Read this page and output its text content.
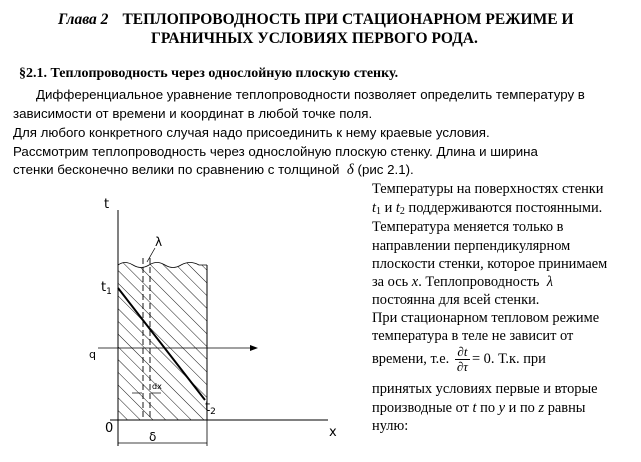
Глава 2 ТЕПЛОПРОВОДНОСТЬ ПРИ СТАЦИОНАРНОМ РЕЖИМЕ И
ГРАНИЧНЫХ УСЛОВИЯХ ПЕРВОГО РОДА.
§2.1. Теплопроводность через однослойную плоскую стенку.
Дифференциальное уравнение теплопроводности позволяет определить температуру в
зависимости от времени и координат в любой точке поля.
Для любого конкретного случая надо присоединить к нему краевые условия.
Рассмотрим теплопроводность через однослойную плоскую стенку. Длина и ширина
стенки бесконечно велики по сравнению с толщиной δ (рис 2.1).
Температуры на поверхностях стенки
$t_1$ и $t_2$ поддерживаются постоянными.
Температура меняется только в
направлении перпендикулярном
плоскости стенки, которое принимаем
за ось x. Теплопроводность λ
постоянна для всей стенки.
При стационарном тепловом режиме
температура в теле не зависит от
времени, т.е. $\frac{\partial t}{\partial\tau} = 0$. Т.к. при
принятых условиях первые и вторые
производные от t по y и по z равны
нулю:
t
x
0
$t_1$
$t_2$
q
λ
dx
δ
